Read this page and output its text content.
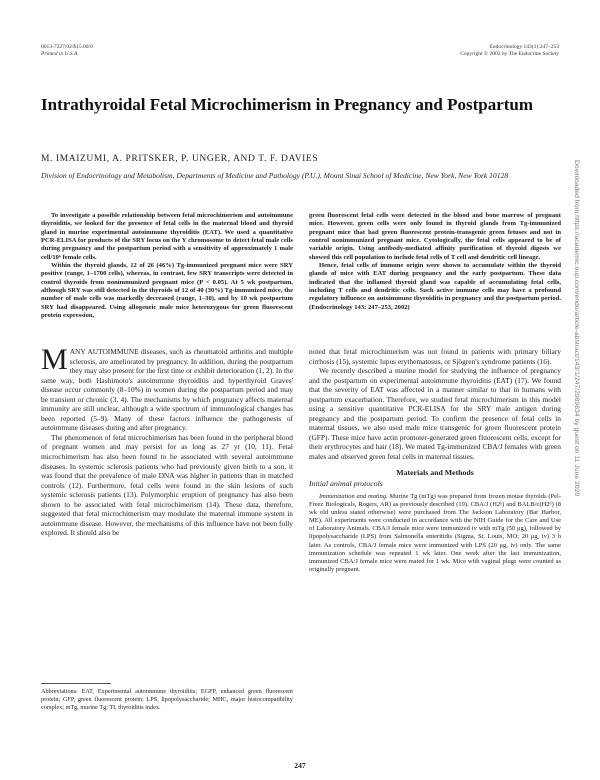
0013-7227/02/$15.00/0
Printed in U.S.A.
Endocrinology 143(1):247–253
Copyright © 2002 by The Endocrine Society
Intrathyroidal Fetal Microchimerism in Pregnancy and Postpartum
M. IMAIZUMI, A. PRITSKER, P. UNGER, AND T. F. DAVIES
Division of Endocrinology and Metabolism, Departments of Medicine and Pathology (P.U.), Mount Sinai School of Medicine, New York, New York 10128

To investigate a possible relationship between fetal microchimerism and autoimmune thyroiditis, we looked for the presence of fetal cells in the maternal blood and thyroid gland in murine experimental autoimmune thyroiditis (EAT). We used a quantitative PCR-ELISA for products of the SRY locus on the Y chromosome to detect fetal male cells during pregnancy and the postpartum period with a sensitivity of approximately 1 male cell/10⁶ female cells.

Within the thyroid glands, 12 of 26 (46%) Tg-immunized pregnant mice were SRY positive (range, 1–1700 cells), whereas, in contrast, few SRY transcripts were detected in control thyroids from nonimmunized pregnant mice (P < 0.05). At 5 wk postpartum, although SRY was still detected in the thyroids of 12 of 40 (30%) Tg-immunized mice, the number of male cells was markedly decreased (range, 1–30), and by 10 wk postpartum SRY had disappeared. Using allogeneic male mice heterozygous for green fluorescent protein expression,

green fluorescent fetal cells were detected in the blood and bone marrow of pregnant mice. However, green cells were only found in thyroid glands from Tg-immunized pregnant mice that had green fluorescent protein-transgenic green fetuses and not in control nonimmunized pregnant mice. Cytologically, the fetal cells appeared to be of variable origin. Using antibody-mediated affinity purification of thyroid digests we showed this cell population to include fetal cells of T cell and dendritic cell lineage.

Hence, fetal cells of immune origin were shown to accumulate within the thyroid glands of mice with EAT during pregnancy and the early postpartum. These data indicated that the inflamed thyroid gland was capable of accumulating fetal cells, including T cells and dendritic cells. Such active immune cells may have a profound regulatory influence on autoimmune thyroiditis in pregnancy and the postpartum period. (Endocrinology 143: 247–253, 2002)

MANY AUTOIMMUNE diseases, such as rheumatoid arthritis and multiple sclerosis, are ameliorated by pregnancy. In addition, during the postpartum they may also present for the first time or exhibit deterioration (1, 2). In the same way, both Hashimoto's autoimmune thyroiditis and hyperthyroid Graves' disease occur commonly (8–10%) in women during the postpartum period and may be transient or chronic (3, 4). The mechanisms by which pregnancy affects maternal immunity are still unclear, although a wide spectrum of immunological changes has been reported (5–9). Many of these factors influence the pathogenesis of autoimmune diseases during and after pregnancy.

The phenomenon of fetal microchimerism has been found in the peripheral blood of pregnant women and may persist for as long as 27 yr (10, 11). Fetal microchimerism has also been found to be associated with several autoimmune diseases. In systemic sclerosis patients who had previously given birth to a son, it was found that the prevalence of male DNA was higher in patients than in matched controls (12). Furthermore, fetal cells were found in the skin lesions of such systemic sclerosis patients (13). Polymorphic eruption of pregnancy has also been shown to be associated with fetal microchimerism (14). These data, therefore, suggested that fetal microchimerism may modulate the maternal immune system in autoimmune disease. However, the mechanisms of this influence have not been fully explored. It should also be

noted that fetal microchimerism was not found in patients with primary biliary cirrhosis (15), systemic lupus erythematosus, or Sjögren's syndrome patients (16).

We recently described a murine model for studying the influence of pregnancy and the postpartum on experimental autoimmune thyroiditis (EAT) (17). We found that the severity of EAT was affected in a manner similar to that in humans with postpartum exacerbation. Therefore, we studied fetal microchimerism in this model using a sensitive quantitative PCR-ELISA for the SRY male antigen during pregnancy and the postpartum period. To confirm the presence of fetal cells in maternal tissues, we also used male mice transgenic for green fluorescent protein (GFP). These mice have actin promoter-generated green fluorescent cells, except for their erythrocytes and hair (18). We mated Tg-immunized CBA/J females with green males and observed green fetal cells in maternal tissues.

Materials and Methods
Initial animal protocols

Immunization and mating. Murine Tg (mTg) was prepared from frozen mouse thyroids (Pel-Freez Biologicals, Rogers, AR) as previously described (19). CBA/J (H2ᵏ) and BALB/c(H2ᵈ) (8 wk old unless stated otherwise) were purchased from The Jackson Laboratory (Bar Harbor, ME). All experiments were conducted in accordance with the NIH Guide for the Care and Use of Laboratory Animals. CBA/J female mice were immunized iv with mTg (50 μg), followed by lipopolysaccharide (LPS) from Salmonella enteritidis (Sigma, St. Louis, MO; 20 μg, iv) 3 h later. As controls, CBA/J female mice were immunized with LPS (20 μg, iv) only. The same immunization schedule was repeated 1 wk later. One week after the last immunization, immunized CBA/J female mice were mated for 1 wk. Mice with vaginal plugs were counted as originally pregnant.

Abbreviations: EAT, Experimental autoimmune thyroiditis; EGFP, enhanced green fluorescent protein; GFP, green fluorescent protein; LPS, lipopolysaccharide; MHC, major histocompatibility complex; mTg, murine Tg; TI, thyroiditis index.
247
Downloaded from https://academic.oup.com/endo/article-abstract/143/1/247/2989634 by guest on 11 June 2020
